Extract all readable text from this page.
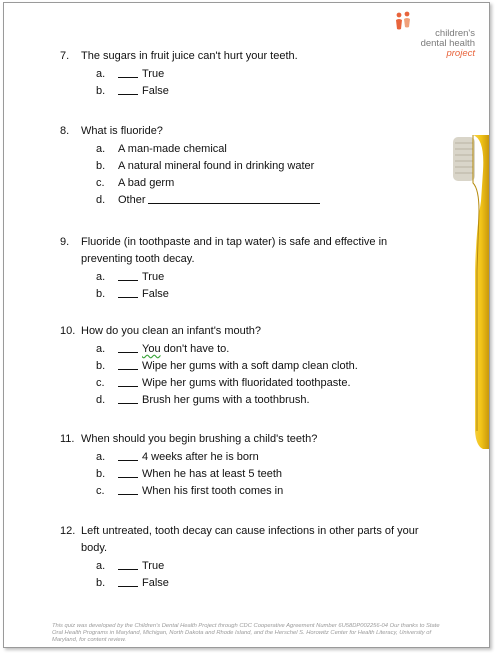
children's
dental health
project
7.	The sugars in fruit juice can't hurt your teeth.
a.	True
b.	False
8.	What is fluoride?
a.	A man-made chemical
b.	A natural mineral found in drinking water
c.	A bad germ
d.	Other
9.	Fluoride (in toothpaste and in tap water) is safe and effective in preventing tooth decay.
a.	True
b.	False
10. How do you clean an infant's mouth?
a.	You don't have to.
b.	Wipe her gums with a soft damp clean cloth.
c.	Wipe her gums with fluoridated toothpaste.
d.	Brush her gums with a toothbrush.
11. When should you begin brushing a child's teeth?
a.	4 weeks after he is born
b.	When he has at least 5 teeth
c.	When his first tooth comes in
12. Left untreated, tooth decay can cause infections in other parts of your body.
a.	True
b.	False
This quiz was developed by the Children's Dental Health Project through CDC Cooperative Agreement Number 6U58DP002256-04 Our thanks to State Oral Health Programs in Maryland, Michigan, North Dakota and Rhode Island, and the Herschel S. Horowitz Center for Health Literacy, University of Maryland, for content review.
